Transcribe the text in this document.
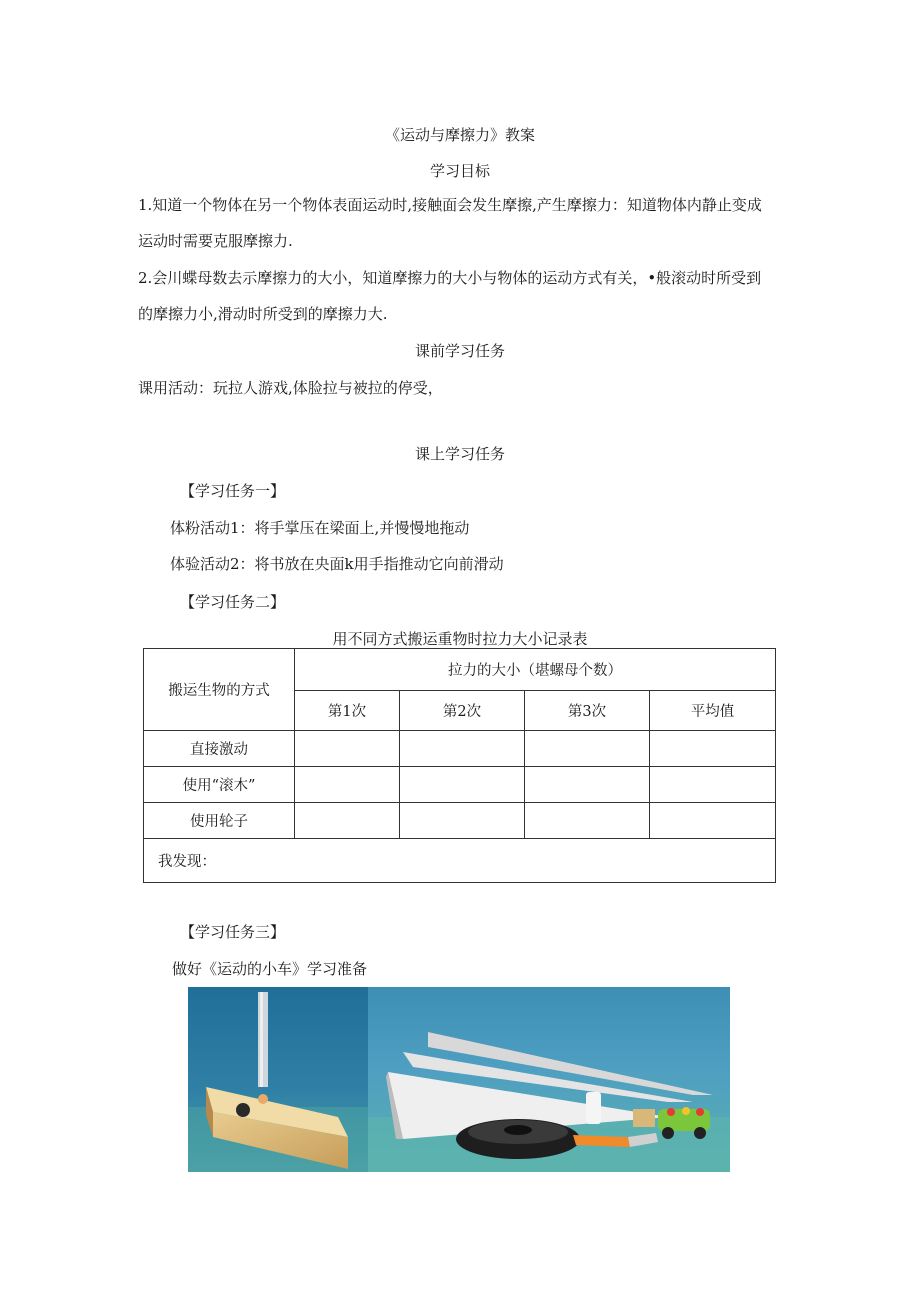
《运动与摩擦力》教案
学习目标
1.知道一个物体在另一个物体表面运动时,接触面会发生摩擦,产生摩擦力：知道物体内静止变成
运动时需要克服摩擦力.
2.会川蝶母数去示摩擦力的大小，知道摩擦力的大小与物体的运动方式有关，•般滚动时所受到
的摩擦力小,滑动时所受到的摩擦力大.
课前学习任务
课用活动：玩拉人游戏,体脸拉与被拉的停受，
课上学习任务
【学习任务一】
体粉活动1：将手掌压在梁面上,并慢慢地拖动
体验活动2：将书放在央面k用手指推动它向前滑动
【学习任务二】
用不同方式搬运重物时拉力大小记录表
搬运生物的方式	拉力的大小（堪螺母个数）			
	第1次	第2次	第3次	平均值
直接激动				
使用“滚木”				
使用轮子				
我发现：				
【学习任务三】
做好《运动的小车》学习准备
